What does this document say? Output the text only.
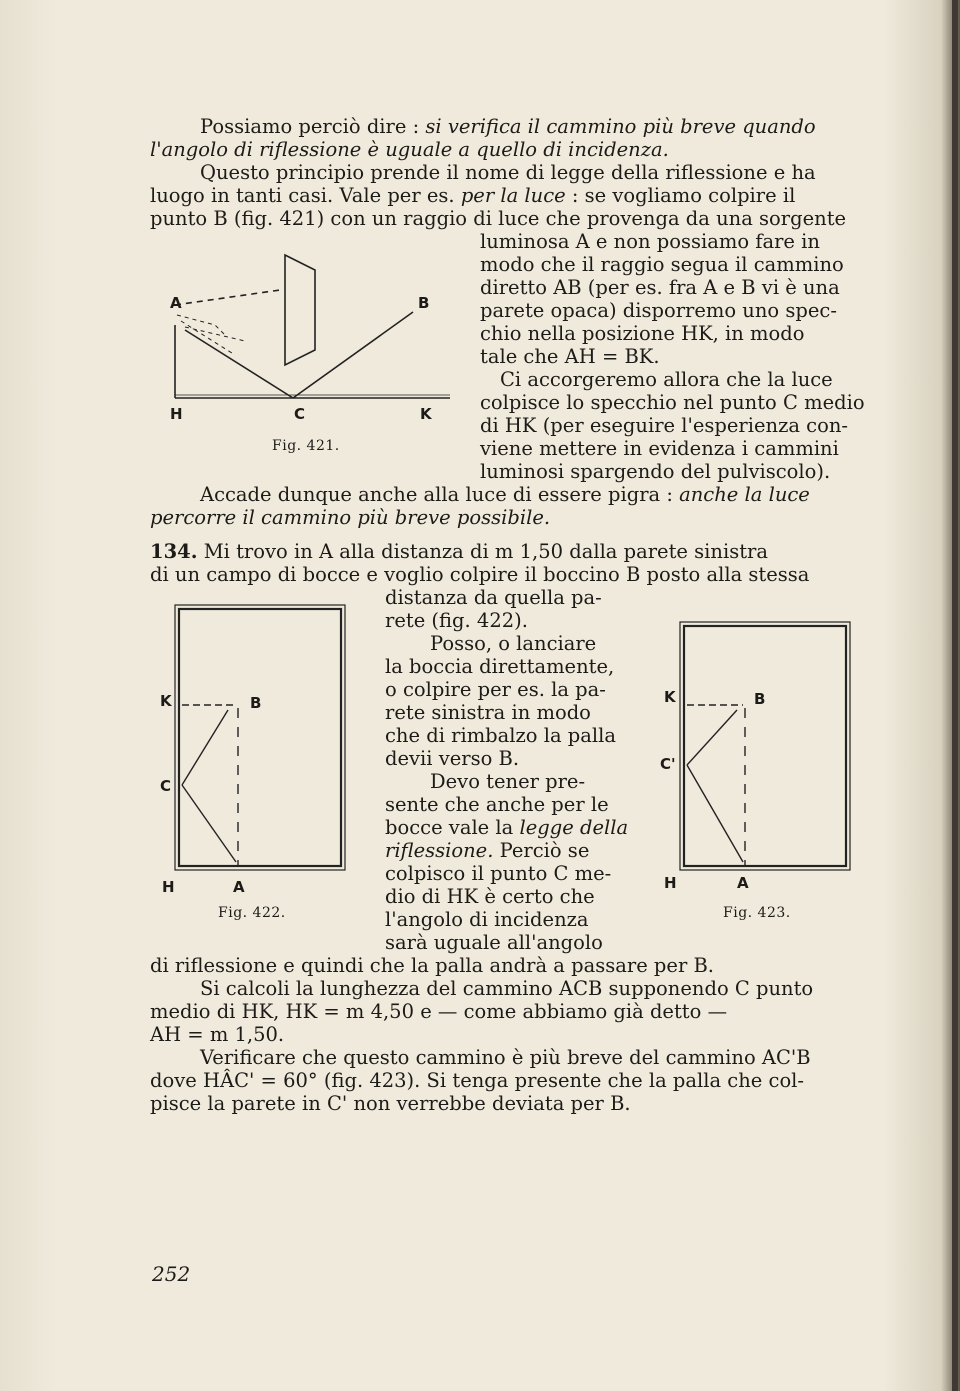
Possiamo perciò dire : si verifica il cammino più breve quando
l'angolo di riflessione è uguale a quello di incidenza.
Questo principio prende il nome di legge della riflessione e ha
luogo in tanti casi. Vale per es. per la luce : se vogliamo colpire il
punto B (fig. 421) con un raggio di luce che provenga da una sorgente
luminosa A e non possiamo fare in
modo che il raggio segua il cammino
diretto AB (per es. fra A e B vi è una
parete opaca) disporremo uno spec-
chio nella posizione HK, in modo
tale che AH = BK.
Ci accorgeremo allora che la luce
colpisce lo specchio nel punto C medio
di HK (per eseguire l'esperienza con-
viene mettere in evidenza i cammini
luminosi spargendo del pulviscolo).
Accade dunque anche alla luce di essere pigra : anche la luce
percorre il cammino più breve possibile.
A	B
H	C	K
Fig. 421.
134. Mi trovo in A alla distanza di m 1,50 dalla parete sinistra
di un campo di bocce e voglio colpire il boccino B posto alla stessa
distanza da quella pa-
rete (fig. 422).
Posso, o lanciare
la boccia direttamente,
o colpire per es. la pa-
rete sinistra in modo
che di rimbalzo la palla
devii verso B.
Devo tener pre-
sente che anche per le
bocce vale la legge della
riflessione. Perciò se
colpisco il punto C me-
dio di HK è certo che
l'angolo di incidenza
sarà uguale all'angolo
di riflessione e quindi che la palla andrà a passare per B.
Si calcoli la lunghezza del cammino ACB supponendo C punto
medio di HK, HK = m 4,50 e — come abbiamo già detto —
AH = m 1,50.
Verificare che questo cammino è più breve del cammino AC'B
dove HÂC' = 60° (fig. 423). Si tenga presente che la palla che col-
pisce la parete in C' non verrebbe deviata per B.
K	B
C
H	A
Fig. 422.
K	B
C'
H	A
Fig. 423.
252
